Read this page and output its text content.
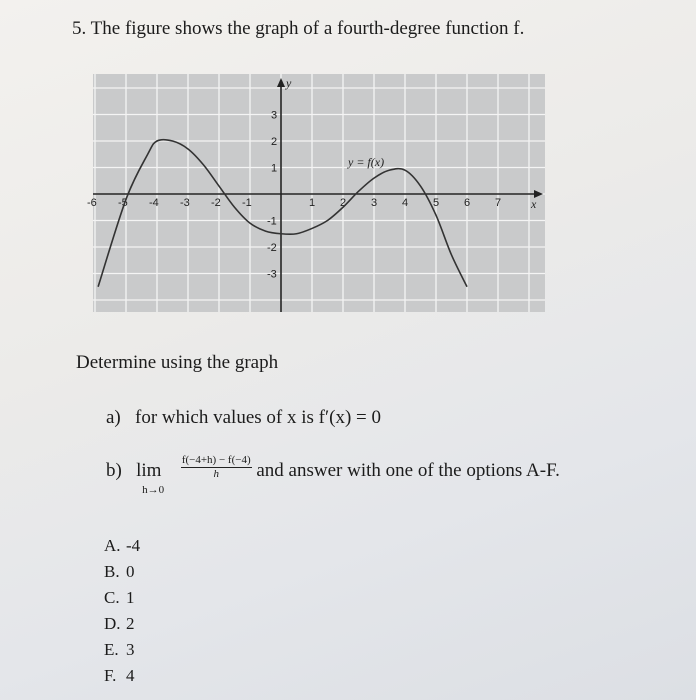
5. The figure shows the graph of a fourth-degree function f.
-6 -5 -4 -3 -2 -1	1 2 3 4 5 6 7
3
2
1
-1
-2
-3
y = f(x)
y
x
Determine using the graph
a) for which values of x is f′(x) = 0
b) lim
h→0

$\frac{f(-4+h) - f(-4)}{h}$ and answer with one of the options A-F.
A. -4
B. 0
C. 1
D. 2
E. 3
F. 4
